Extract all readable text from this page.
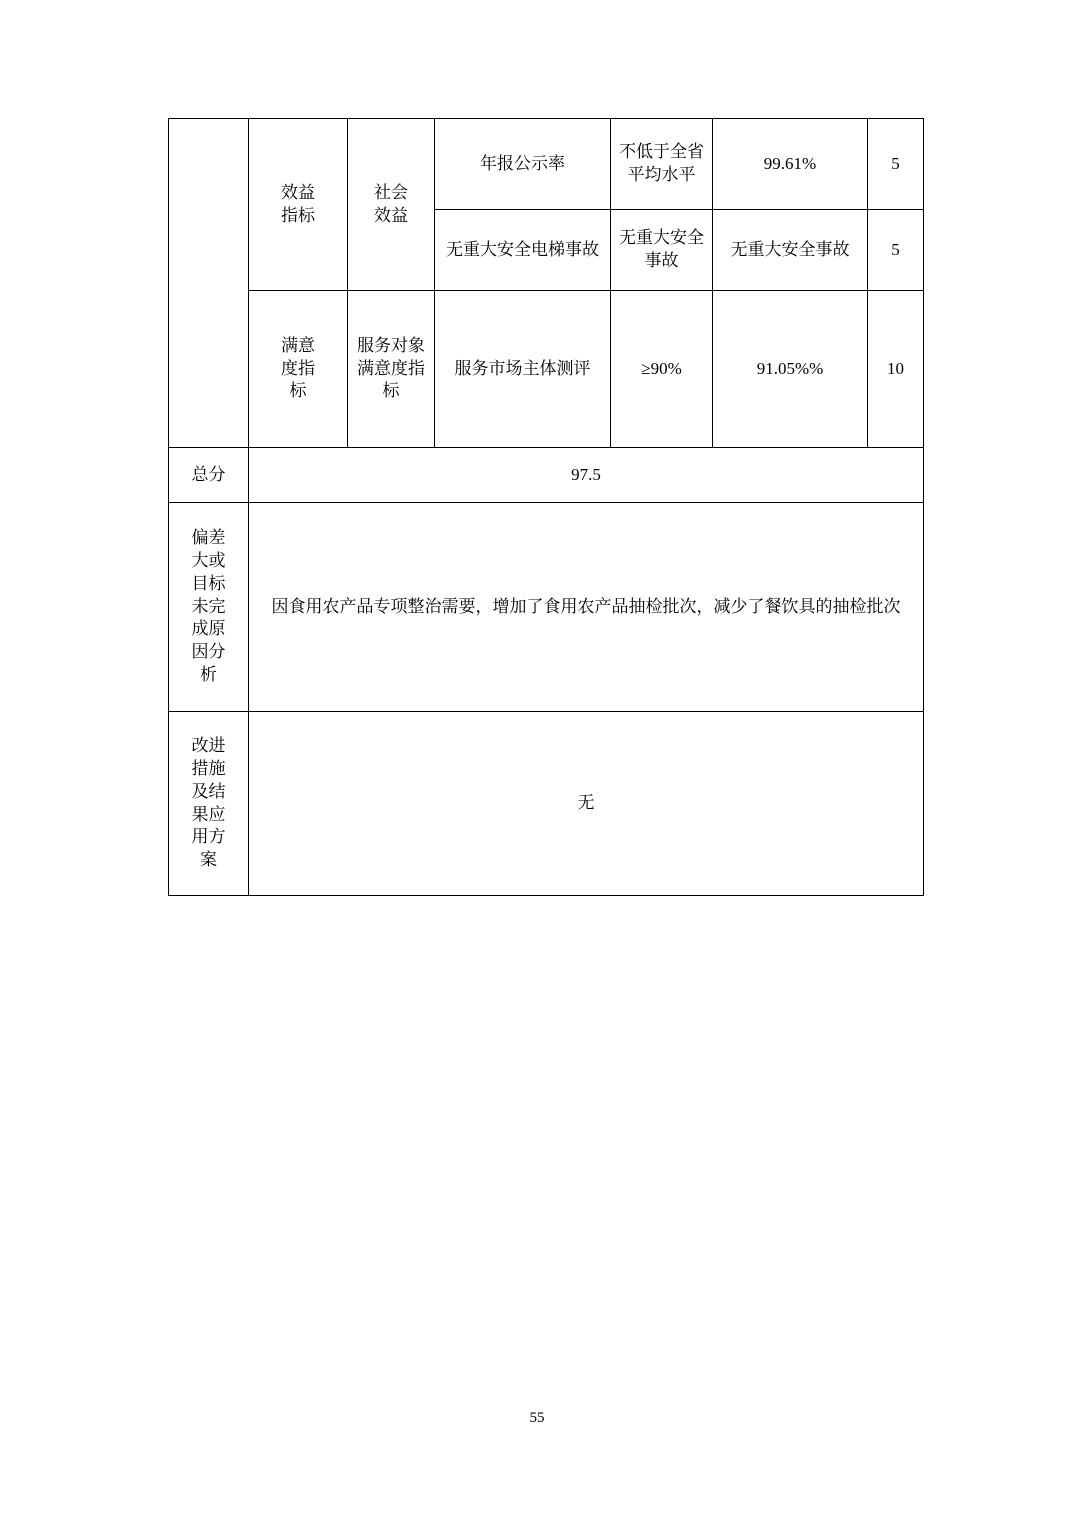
	效益指标	社会效益	年报公示率	不低于全省平均水平	99.61%	5
			无重大安全电梯事故	无重大安全事故	无重大安全事故	5

	满意度指标	服务对象满意度指标	服务市场主体测评	≥90%	91.05%%	10
总分	97.5					

偏差大或目标未完成原因分析	因食用农产品专项整治需要，增加了食用农产品抽检批次，减少了餐饮具的抽检批次					

改进措施及结果应用方案	无					
55
